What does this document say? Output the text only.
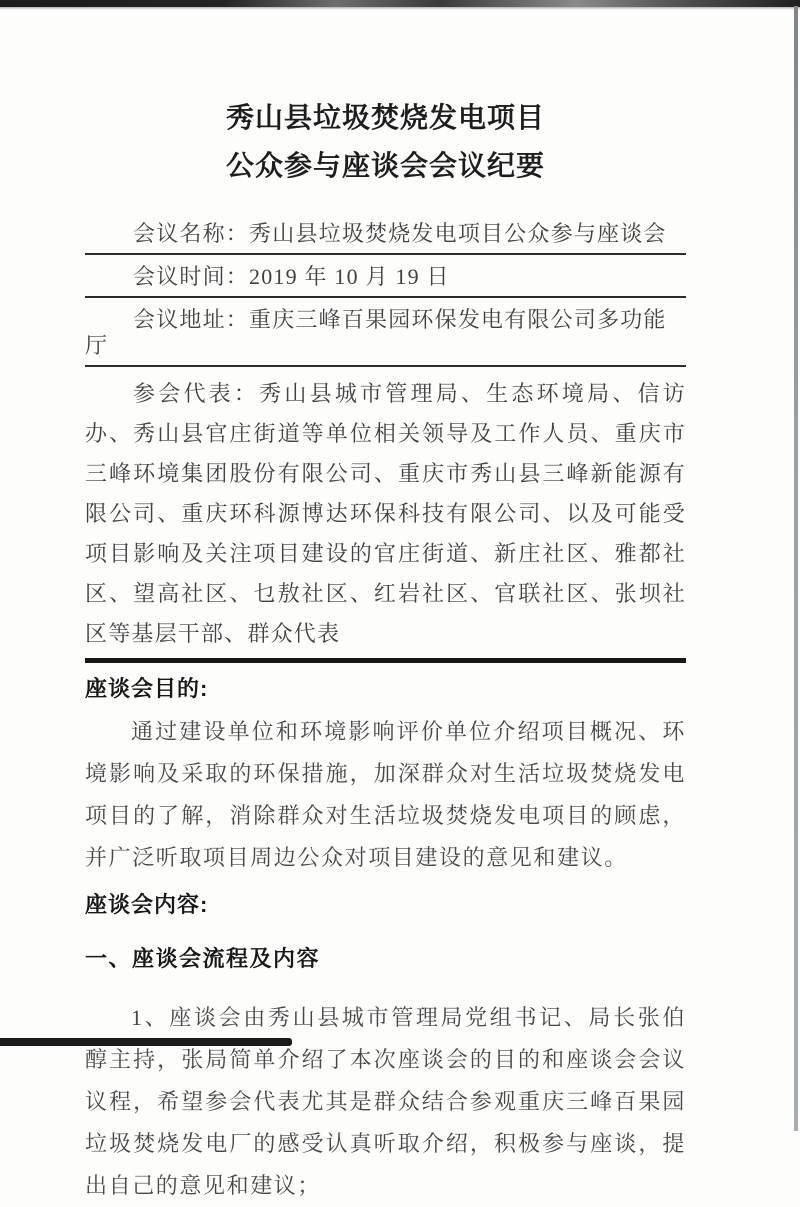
秀山县垃圾焚烧发电项目
公众参与座谈会会议纪要

会议名称：秀山县垃圾焚烧发电项目公众参与座谈会

会议时间：2019 年 10 月 19 日

会议地址：重庆三峰百果园环保发电有限公司多功能厅

参会代表：秀山县城市管理局、生态环境局、信访办、秀山县官庄街道等单位相关领导及工作人员、重庆市三峰环境集团股份有限公司、重庆市秀山县三峰新能源有限公司、重庆环科源博达环保科技有限公司、以及可能受项目影响及关注项目建设的官庄街道、新庄社区、雅都社区、望高社区、乜敖社区、红岩社区、官联社区、张坝社区等基层干部、群众代表

座谈会目的:

通过建设单位和环境影响评价单位介绍项目概况、环境影响及采取的环保措施，加深群众对生活垃圾焚烧发电项目的了解，消除群众对生活垃圾焚烧发电项目的顾虑，并广泛听取项目周边公众对项目建设的意见和建议。

座谈会内容:
一、座谈会流程及内容

1、座谈会由秀山县城市管理局党组书记、局长张伯醇主持，张局简单介绍了本次座谈会的目的和座谈会会议议程，希望参会代表尤其是群众结合参观重庆三峰百果园垃圾焚烧发电厂的感受认真听取介绍，积极参与座谈，提出自己的意见和建议；
